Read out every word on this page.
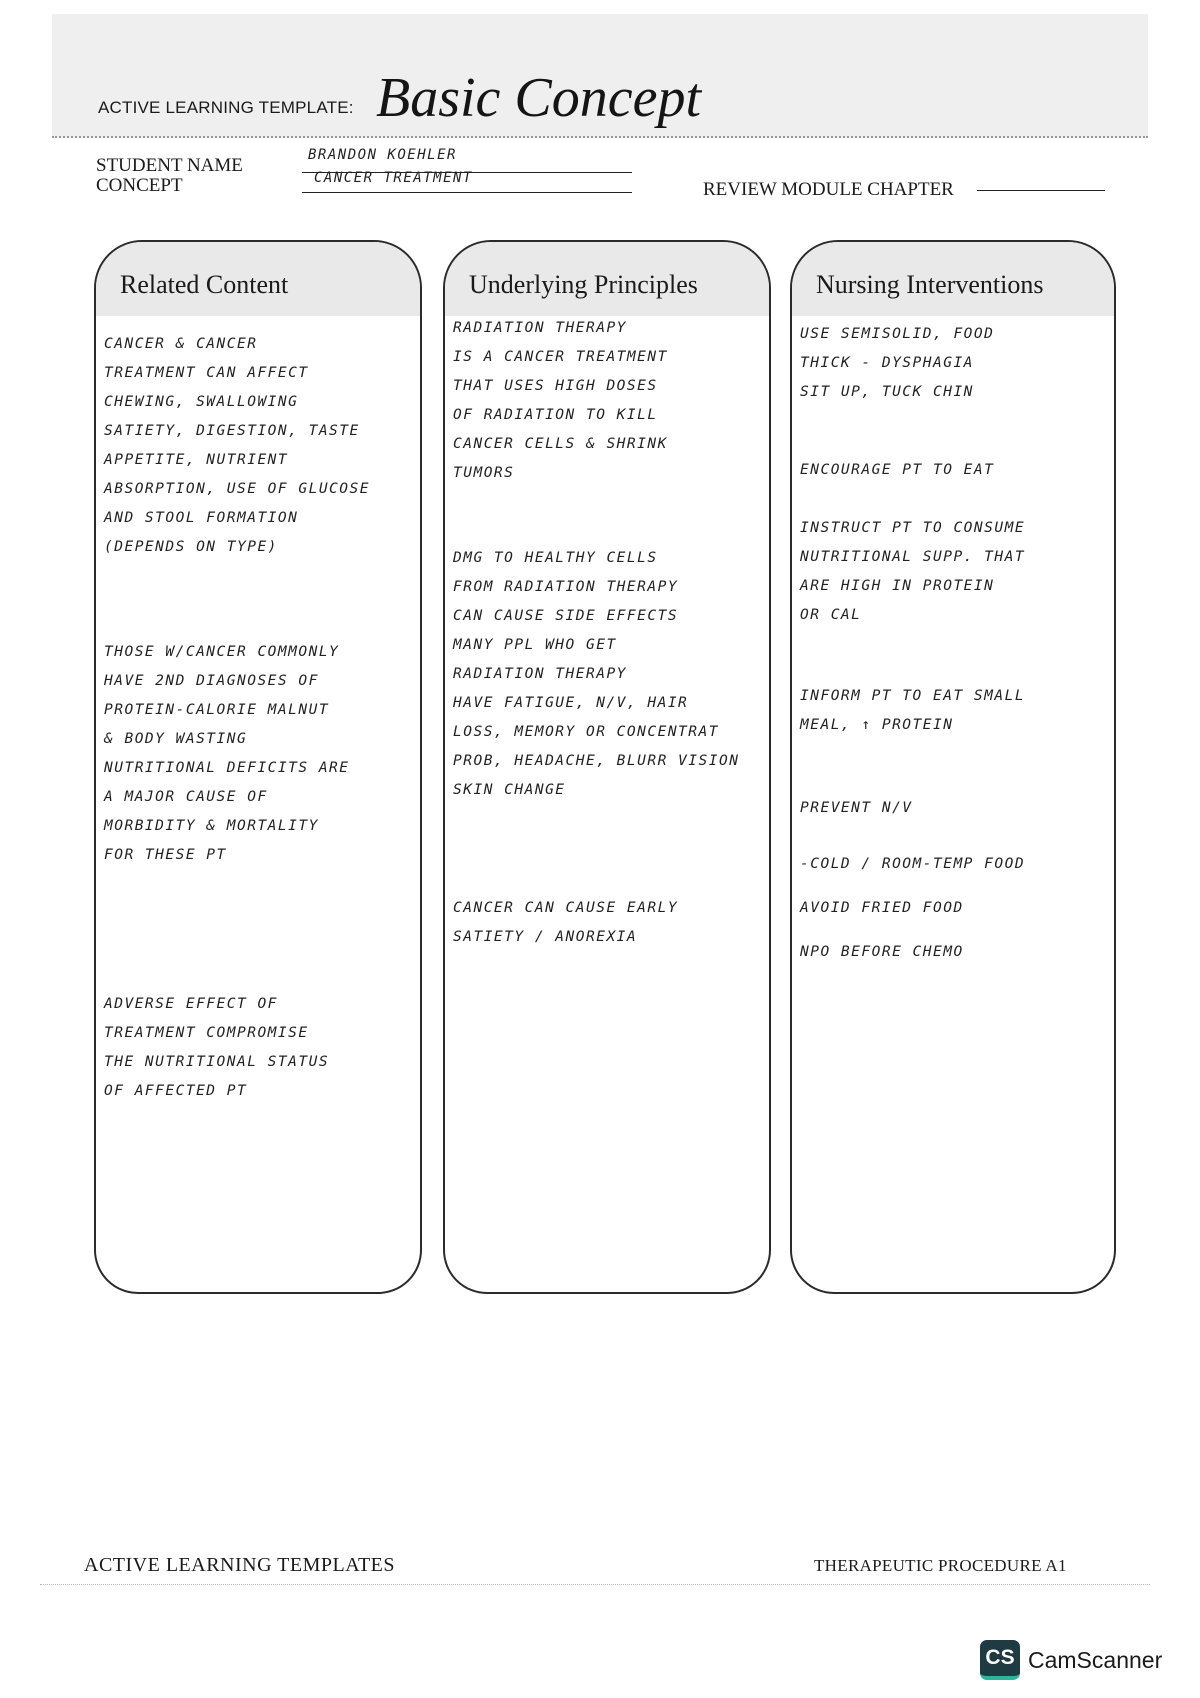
ACTIVE LEARNING TEMPLATE: Basic Concept
STUDENT NAME	BRANDON KOEHLER
CONCEPT	CANCER TREATMENT
REVIEW MODULE CHAPTER
Related Content

CANCER & CANCER
TREATMENT CAN AFFECT
CHEWING, SWALLOWING
SATIETY, DIGESTION, TASTE
APPETITE, NUTRIENT
ABSORPTION, USE OF GLUCOSE
AND STOOL FORMATION
(DEPENDS ON TYPE)

THOSE W/CANCER COMMONLY
HAVE 2ND DIAGNOSES OF
PROTEIN-CALORIE MALNUT
& BODY WASTING
NUTRITIONAL DEFICITS ARE
A MAJOR CAUSE OF
MORBIDITY & MORTALITY
FOR THESE PT

ADVERSE EFFECT OF
TREATMENT COMPROMISE
THE NUTRITIONAL STATUS
OF AFFECTED PT

Underlying Principles

RADIATION THERAPY
IS A CANCER TREATMENT
THAT USES HIGH DOSES
OF RADIATION TO KILL
CANCER CELLS & SHRINK
TUMORS

DMG TO HEALTHY CELLS
FROM RADIATION THERAPY
CAN CAUSE SIDE EFFECTS
MANY PPL WHO GET
RADIATION THERAPY
HAVE FATIGUE, N/V, HAIR
LOSS, MEMORY OR CONCENTRAT
PROB, HEADACHE, BLURR VISION
SKIN CHANGE

CANCER CAN CAUSE EARLY
SATIETY / ANOREXIA

Nursing Interventions

USE SEMISOLID, FOOD
THICK - DYSPHAGIA
SIT UP, TUCK CHIN

ENCOURAGE PT TO EAT

INSTRUCT PT TO CONSUME
NUTRITIONAL SUPP. THAT
ARE HIGH IN PROTEIN
OR CAL

INFORM PT TO EAT SMALL
MEAL, ↑ PROTEIN

PREVENT N/V

-COLD / ROOM-TEMP FOOD

AVOID FRIED FOOD

NPO BEFORE CHEMO

ACTIVE LEARNING TEMPLATES	THERAPEUTIC PROCEDURE A1
CS CamScanner
